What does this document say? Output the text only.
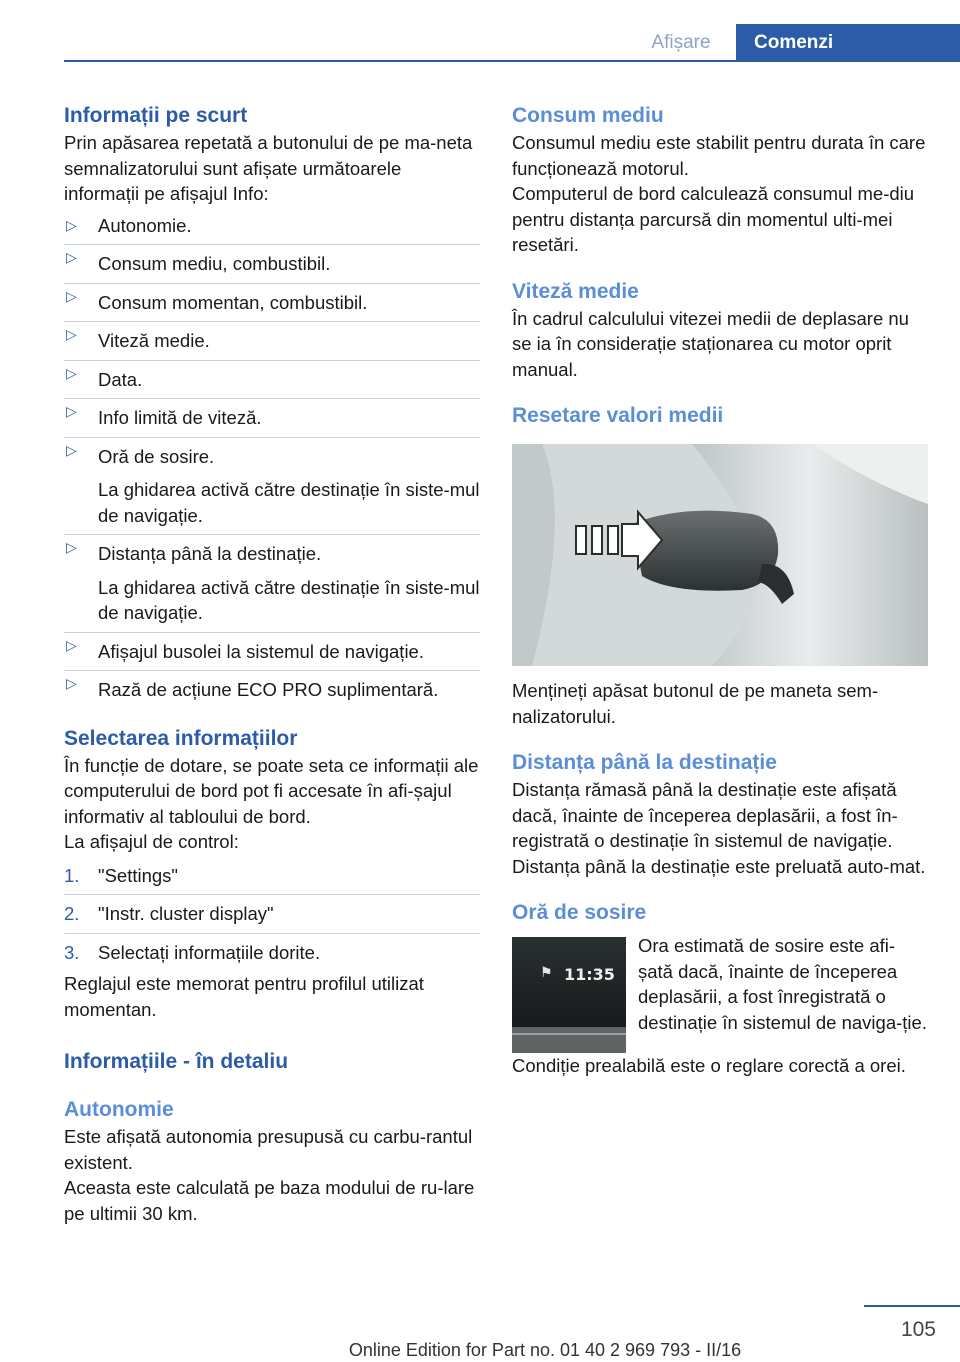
Afișare	Comenzi
Informații pe scurt

Prin apăsarea repetată a butonului de pe ma-neta semnalizatorului sunt afișate următoarele informații pe afișajul Info:

▷ Autonomie.
▷ Consum mediu, combustibil.
▷ Consum momentan, combustibil.
▷ Viteză medie.
▷ Data.
▷ Info limită de viteză.
▷ Oră de sosire.
La ghidarea activă către destinație în siste-mul de navigație.
▷ Distanța până la destinație.
La ghidarea activă către destinație în siste-mul de navigație.
▷ Afișajul busolei la sistemul de navigație.
▷ Rază de acțiune ECO PRO suplimentară.
Selectarea informațiilor

În funcție de dotare, se poate seta ce informații ale computerului de bord pot fi accesate în afi-șajul informativ al tabloului de bord.

La afișajul de control:

1. "Settings"
2. "Instr. cluster display"
3. Selectați informațiile dorite.

Reglajul este memorat pentru profilul utilizat momentan.

Informațiile - în detaliu
Autonomie

Este afișată autonomia presupusă cu carbu-rantul existent.

Aceasta este calculată pe baza modului de ru-lare pe ultimii 30 km.

Consum mediu

Consumul mediu este stabilit pentru durata în care funcționează motorul.

Computerul de bord calculează consumul me-diu pentru distanța parcursă din momentul ulti-mei resetări.

Viteză medie

În cadrul calculului vitezei medii de deplasare nu se ia în considerație staționarea cu motor oprit manual.

Resetare valori medii

Mențineți apăsat butonul de pe maneta sem-nalizatorului.

Distanța până la destinație

Distanța rămasă până la destinație este afișată dacă, înainte de începerea deplasării, a fost în-registrată o destinație în sistemul de navigație.

Distanța până la destinație este preluată auto-mat.

Oră de sosire
⚑ 11:35

Ora estimată de sosire este afi-șată dacă, înainte de începerea deplasării, a fost înregistrată o destinație în sistemul de naviga-ție.

Condiție prealabilă este o reglare corectă a orei.

105
Online Edition for Part no. 01 40 2 969 793 - II/16
